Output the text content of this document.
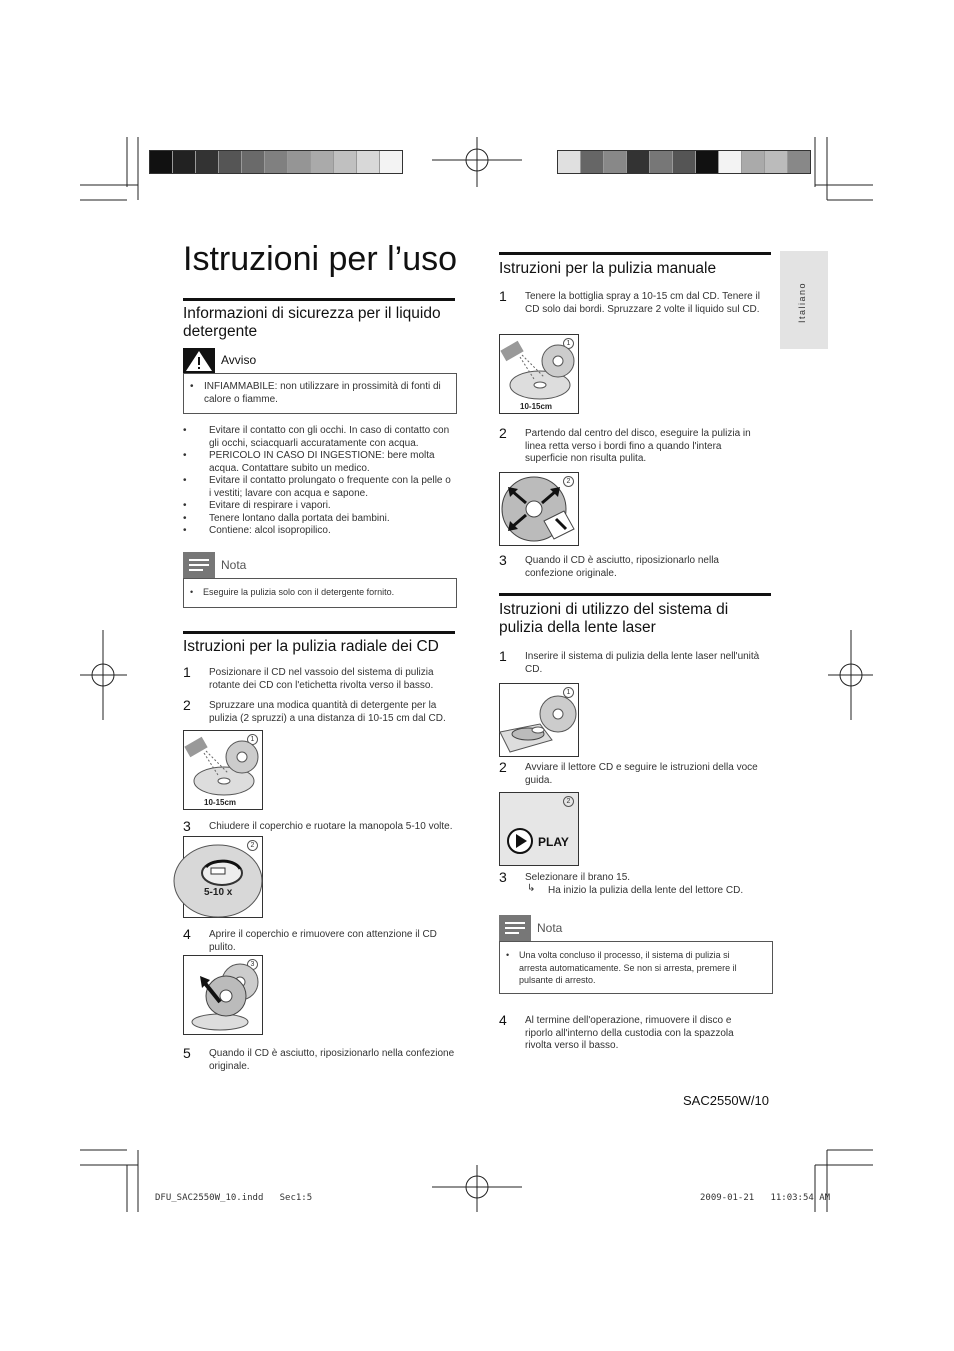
Istruzioni per l’uso
Italiano
Informazioni di sicurezza per il liquido detergente
Avviso
• INFIAMMABILE: non utilizzare in prossimità di fonti di calore o fiamme.
• Evitare il contatto con gli occhi. In caso di contatto con gli occhi, sciacquarli accuratamente con acqua.
• PERICOLO IN CASO DI INGESTIONE: bere molta acqua. Contattare subito un medico.
• Evitare il contatto prolungato o frequente con la pelle o i vestiti; lavare con acqua e sapone.
• Evitare di respirare i vapori.
• Tenere lontano dalla portata dei bambini.
• Contiene: alcol isopropilico.
Nota
• Eseguire la pulizia solo con il detergente fornito.
Istruzioni per la pulizia radiale dei CD
1 Posizionare il CD nel vassoio del sistema di pulizia rotante dei CD con l'etichetta rivolta verso il basso.
2 Spruzzare una modica quantità di detergente per la pulizia (2 spruzzi) a una distanza di 10-15 cm dal CD.
1
10-15cm
3 Chiudere il coperchio e ruotare la manopola 5-10 volte.
2
5-10 x
4 Aprire il coperchio e rimuovere con attenzione il CD pulito.
3
5 Quando il CD è asciutto, riposizionarlo nella confezione originale.
Istruzioni per la pulizia manuale
1 Tenere la bottiglia spray a 10-15 cm dal CD. Tenere il CD solo dai bordi. Spruzzare 2 volte il liquido sul CD.
1
10-15cm
2 Partendo dal centro del disco, eseguire la pulizia in linea retta verso i bordi fino a quando l'intera superficie non risulta pulita.
2
3 Quando il CD è asciutto, riposizionarlo nella confezione originale.
Istruzioni di utilizzo del sistema di pulizia della lente laser
1 Inserire il sistema di pulizia della lente laser nell'unità CD.
1
2 Avviare il lettore CD e seguire le istruzioni della voce guida.
2
PLAY
3 Selezionare il brano 15.
↳ Ha inizio la pulizia della lente del lettore CD.
Nota
• Una volta concluso il processo, il sistema di pulizia si arresta automaticamente. Se non si arresta, premere il pulsante di arresto.
4 Al termine dell'operazione, rimuovere il disco e riporlo all'interno della custodia con la spazzola rivolta verso il basso.
SAC2550W/10
DFU_SAC2550W_10.indd   Sec1:5	2009-01-21   11:03:54 AM
